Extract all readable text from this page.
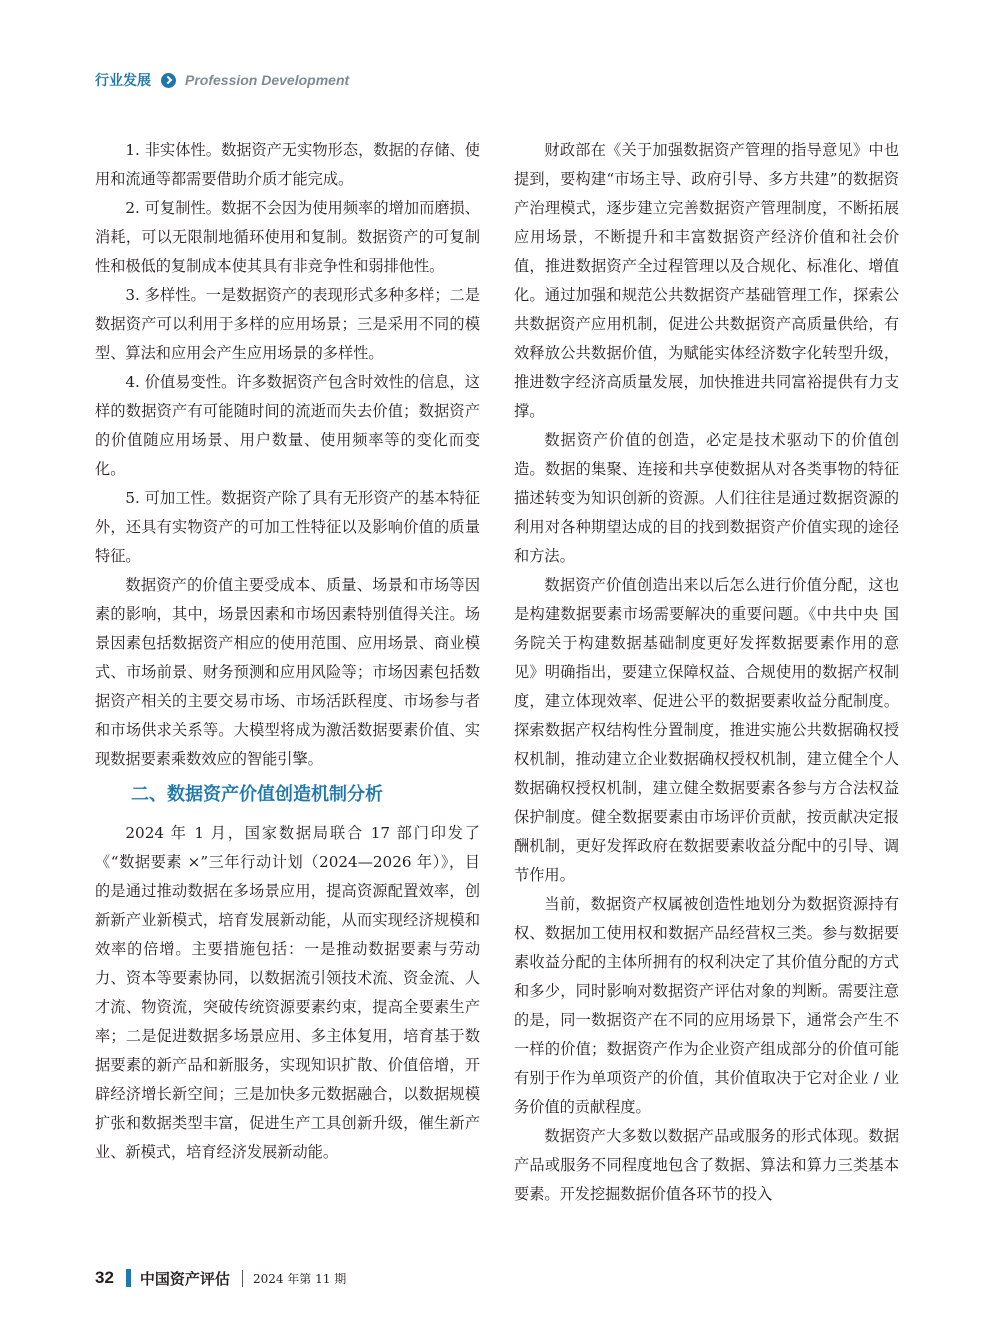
行业发展 Profession Development

1. 非实体性。数据资产无实物形态，数据的存储、使用和流通等都需要借助介质才能完成。

2. 可复制性。数据不会因为使用频率的增加而磨损、消耗，可以无限制地循环使用和复制。数据资产的可复制性和极低的复制成本使其具有非竞争性和弱排他性。

3. 多样性。一是数据资产的表现形式多种多样；二是数据资产可以利用于多样的应用场景；三是采用不同的模型、算法和应用会产生应用场景的多样性。

4. 价值易变性。许多数据资产包含时效性的信息，这样的数据资产有可能随时间的流逝而失去价值；数据资产的价值随应用场景、用户数量、使用频率等的变化而变化。

5. 可加工性。数据资产除了具有无形资产的基本特征外，还具有实物资产的可加工性特征以及影响价值的质量特征。

数据资产的价值主要受成本、质量、场景和市场等因素的影响，其中，场景因素和市场因素特别值得关注。场景因素包括数据资产相应的使用范围、应用场景、商业模式、市场前景、财务预测和应用风险等；市场因素包括数据资产相关的主要交易市场、市场活跃程度、市场参与者和市场供求关系等。大模型将成为激活数据要素价值、实现数据要素乘数效应的智能引擎。

二、数据资产价值创造机制分析

2024 年 1 月，国家数据局联合 17 部门印发了《“数据要素 ×”三年行动计划（2024—2026 年）》，目的是通过推动数据在多场景应用，提高资源配置效率，创新新产业新模式，培育发展新动能，从而实现经济规模和效率的倍增。主要措施包括：一是推动数据要素与劳动力、资本等要素协同，以数据流引领技术流、资金流、人才流、物资流，突破传统资源要素约束，提高全要素生产率；二是促进数据多场景应用、多主体复用，培育基于数据要素的新产品和新服务，实现知识扩散、价值倍增，开辟经济增长新空间；三是加快多元数据融合，以数据规模扩张和数据类型丰富，促进生产工具创新升级，催生新产业、新模式，培育经济发展新动能。

财政部在《关于加强数据资产管理的指导意见》中也提到，要构建“市场主导、政府引导、多方共建”的数据资产治理模式，逐步建立完善数据资产管理制度，不断拓展应用场景，不断提升和丰富数据资产经济价值和社会价值，推进数据资产全过程管理以及合规化、标准化、增值化。通过加强和规范公共数据资产基础管理工作，探索公共数据资产应用机制，促进公共数据资产高质量供给，有效释放公共数据价值，为赋能实体经济数字化转型升级，推进数字经济高质量发展，加快推进共同富裕提供有力支撑。

数据资产价值的创造，必定是技术驱动下的价值创造。数据的集聚、连接和共享使数据从对各类事物的特征描述转变为知识创新的资源。人们往往是通过数据资源的利用对各种期望达成的目的找到数据资产价值实现的途径和方法。

数据资产价值创造出来以后怎么进行价值分配，这也是构建数据要素市场需要解决的重要问题。《中共中央 国务院关于构建数据基础制度更好发挥数据要素作用的意见》明确指出，要建立保障权益、合规使用的数据产权制度，建立体现效率、促进公平的数据要素收益分配制度。探索数据产权结构性分置制度，推进实施公共数据确权授权机制，推动建立企业数据确权授权机制，建立健全个人数据确权授权机制，建立健全数据要素各参与方合法权益保护制度。健全数据要素由市场评价贡献，按贡献决定报酬机制，更好发挥政府在数据要素收益分配中的引导、调节作用。

当前，数据资产权属被创造性地划分为数据资源持有权、数据加工使用权和数据产品经营权三类。参与数据要素收益分配的主体所拥有的权利决定了其价值分配的方式和多少，同时影响对数据资产评估对象的判断。需要注意的是，同一数据资产在不同的应用场景下，通常会产生不一样的价值；数据资产作为企业资产组成部分的价值可能有别于作为单项资产的价值，其价值取决于它对企业 / 业务价值的贡献程度。

数据资产大多数以数据产品或服务的形式体现。数据产品或服务不同程度地包含了数据、算法和算力三类基本要素。开发挖掘数据价值各环节的投入

32 中国资产评估 2024 年第 11 期
